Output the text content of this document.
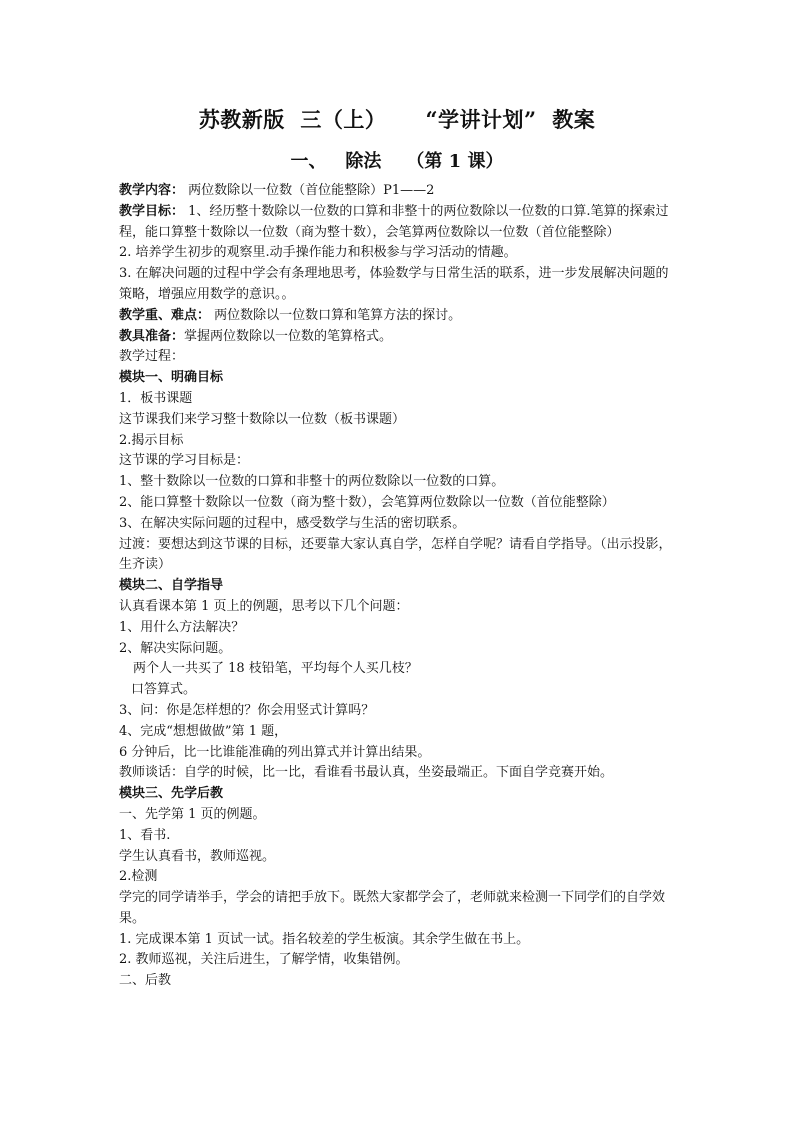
苏教新版  三（上）     “学讲计划”  教案
一、   除法    （第 1 课）

教学内容： 两位数除以一位数（首位能整除）P1——2

教学目标： 1、经历整十数除以一位数的口算和非整十的两位数除以一位数的口算.笔算的探索过程，能口算整十数除以一位数（商为整十数），会笔算两位数除以一位数（首位能整除）

2. 培养学生初步的观察里.动手操作能力和积极参与学习活动的情趣。

3. 在解决问题的过程中学会有条理地思考，体验数学与日常生活的联系，进一步发展解决问题的策略，增强应用数学的意识。。

教学重、难点： 两位数除以一位数口算和笔算方法的探讨。

教具准备：掌握两位数除以一位数的笔算格式。

教学过程：

模块一、明确目标

1．板书课题

这节课我们来学习整十数除以一位数（板书课题）

2.揭示目标

这节课的学习目标是：

1、整十数除以一位数的口算和非整十的两位数除以一位数的口算。

2、能口算整十数除以一位数（商为整十数），会笔算两位数除以一位数（首位能整除）

3、在解决实际问题的过程中，感受数学与生活的密切联系。

过渡：要想达到这节课的目标，还要靠大家认真自学，怎样自学呢？请看自学指导。（出示投影，生齐读）

模块二、自学指导

认真看课本第 1 页上的例题，思考以下几个问题：

1、用什么方法解决？

2、解决实际问题。

两个人一共买了 18 枝铅笔，平均每个人买几枝？

口答算式。

3、问：你是怎样想的？你会用竖式计算吗？

4、完成“想想做做”第 1 题，

6 分钟后，比一比谁能准确的列出算式并计算出结果。

教师谈话：自学的时候，比一比，看谁看书最认真，坐姿最端正。下面自学竞赛开始。

模块三、先学后教

一、先学第 1 页的例题。

1、看书.

学生认真看书，教师巡视。

2.检测

学完的同学请举手，学会的请把手放下。既然大家都学会了，老师就来检测一下同学们的自学效果。

1. 完成课本第 1 页试一试。指名较差的学生板演。其余学生做在书上。

2. 教师巡视，关注后进生，了解学情，收集错例。

二、后教
